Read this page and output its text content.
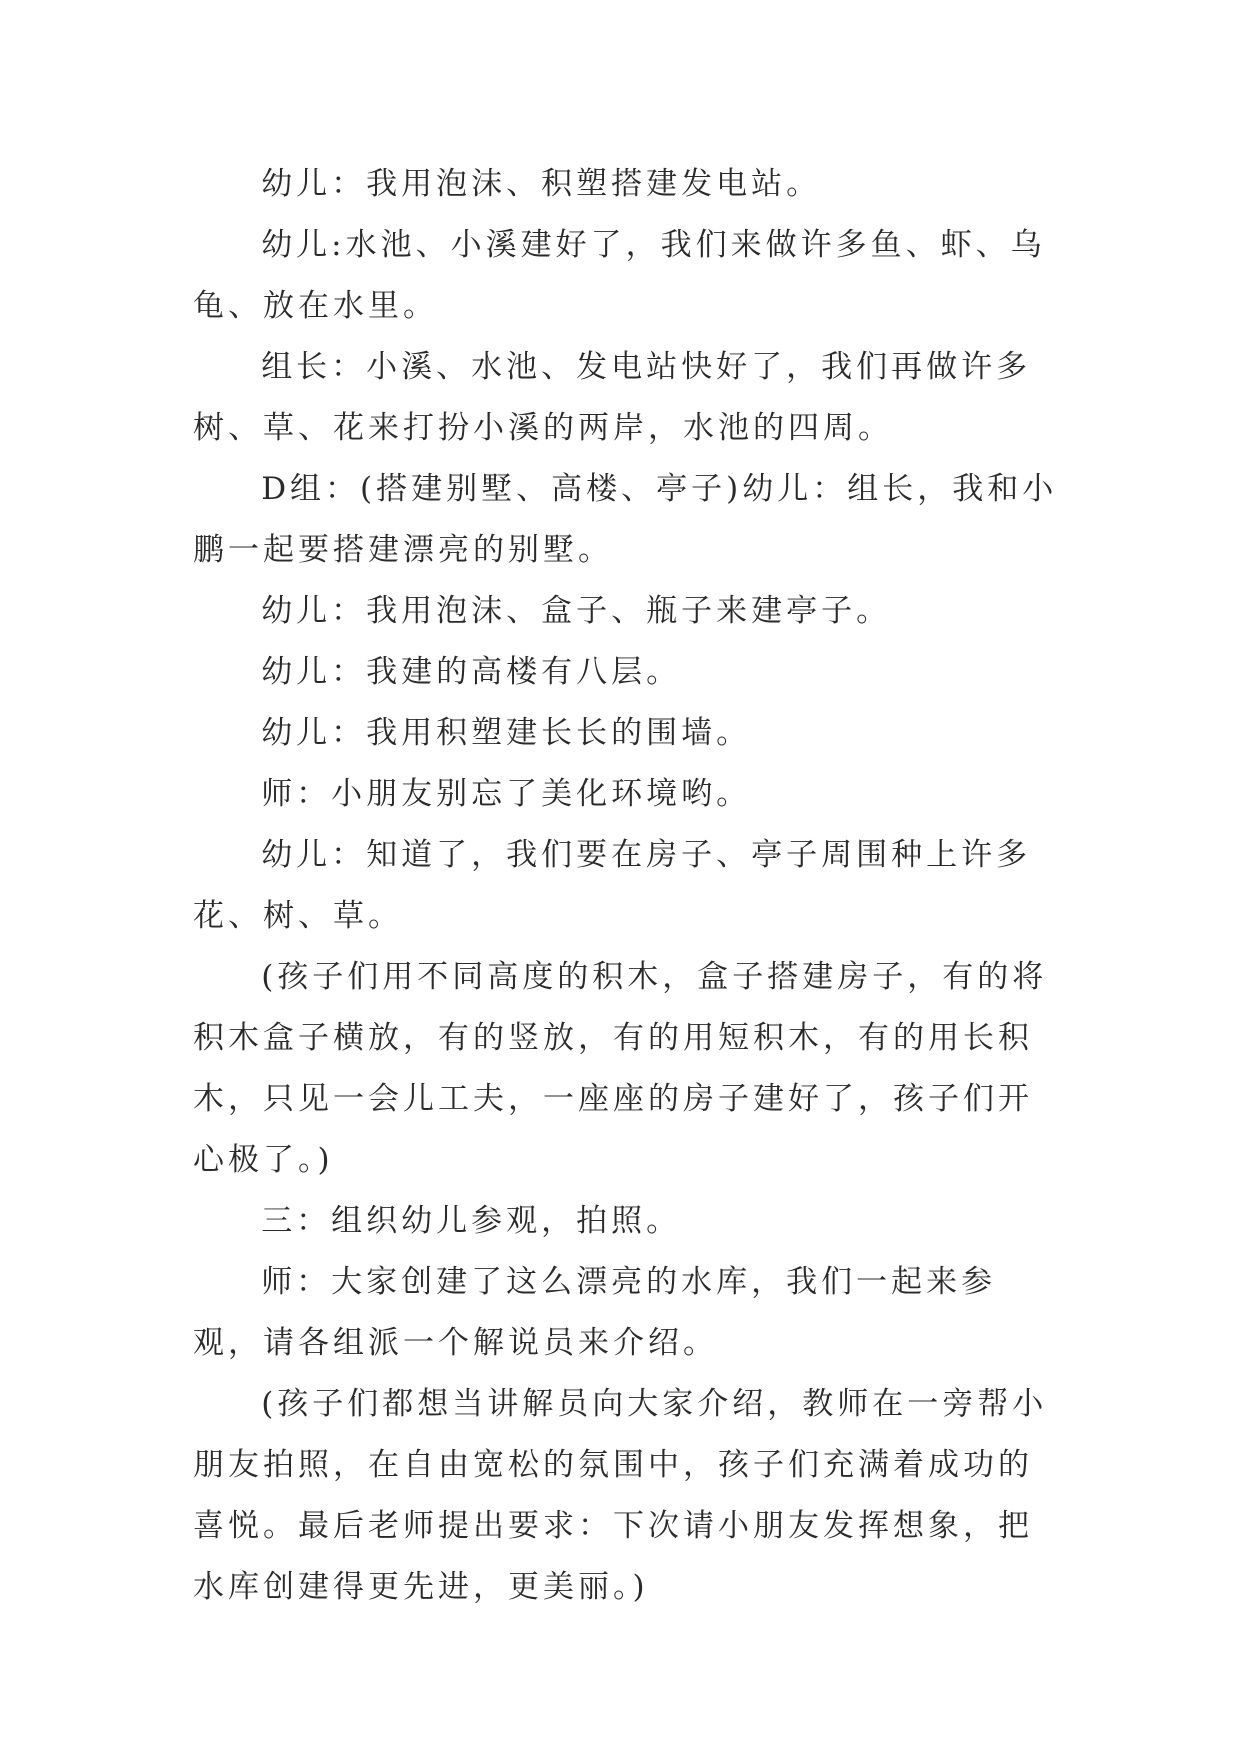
幼儿：我用泡沫、积塑搭建发电站。

幼儿:水池、小溪建好了，我们来做许多鱼、虾、乌龟、放在水里。

组长：小溪、水池、发电站快好了，我们再做许多树、草、花来打扮小溪的两岸，水池的四周。

D组：(搭建别墅、高楼、亭子)幼儿：组长，我和小鹏一起要搭建漂亮的别墅。

幼儿：我用泡沫、盒子、瓶子来建亭子。

幼儿：我建的高楼有八层。

幼儿：我用积塑建长长的围墙。

师：小朋友别忘了美化环境哟。

幼儿：知道了，我们要在房子、亭子周围种上许多花、树、草。

(孩子们用不同高度的积木，盒子搭建房子，有的将积木盒子横放，有的竖放，有的用短积木，有的用长积木，只见一会儿工夫，一座座的房子建好了，孩子们开心极了。)

三：组织幼儿参观，拍照。

师：大家创建了这么漂亮的水库，我们一起来参观，请各组派一个解说员来介绍。

(孩子们都想当讲解员向大家介绍，教师在一旁帮小朋友拍照，在自由宽松的氛围中，孩子们充满着成功的喜悦。最后老师提出要求：下次请小朋友发挥想象，把水库创建得更先进，更美丽。)
